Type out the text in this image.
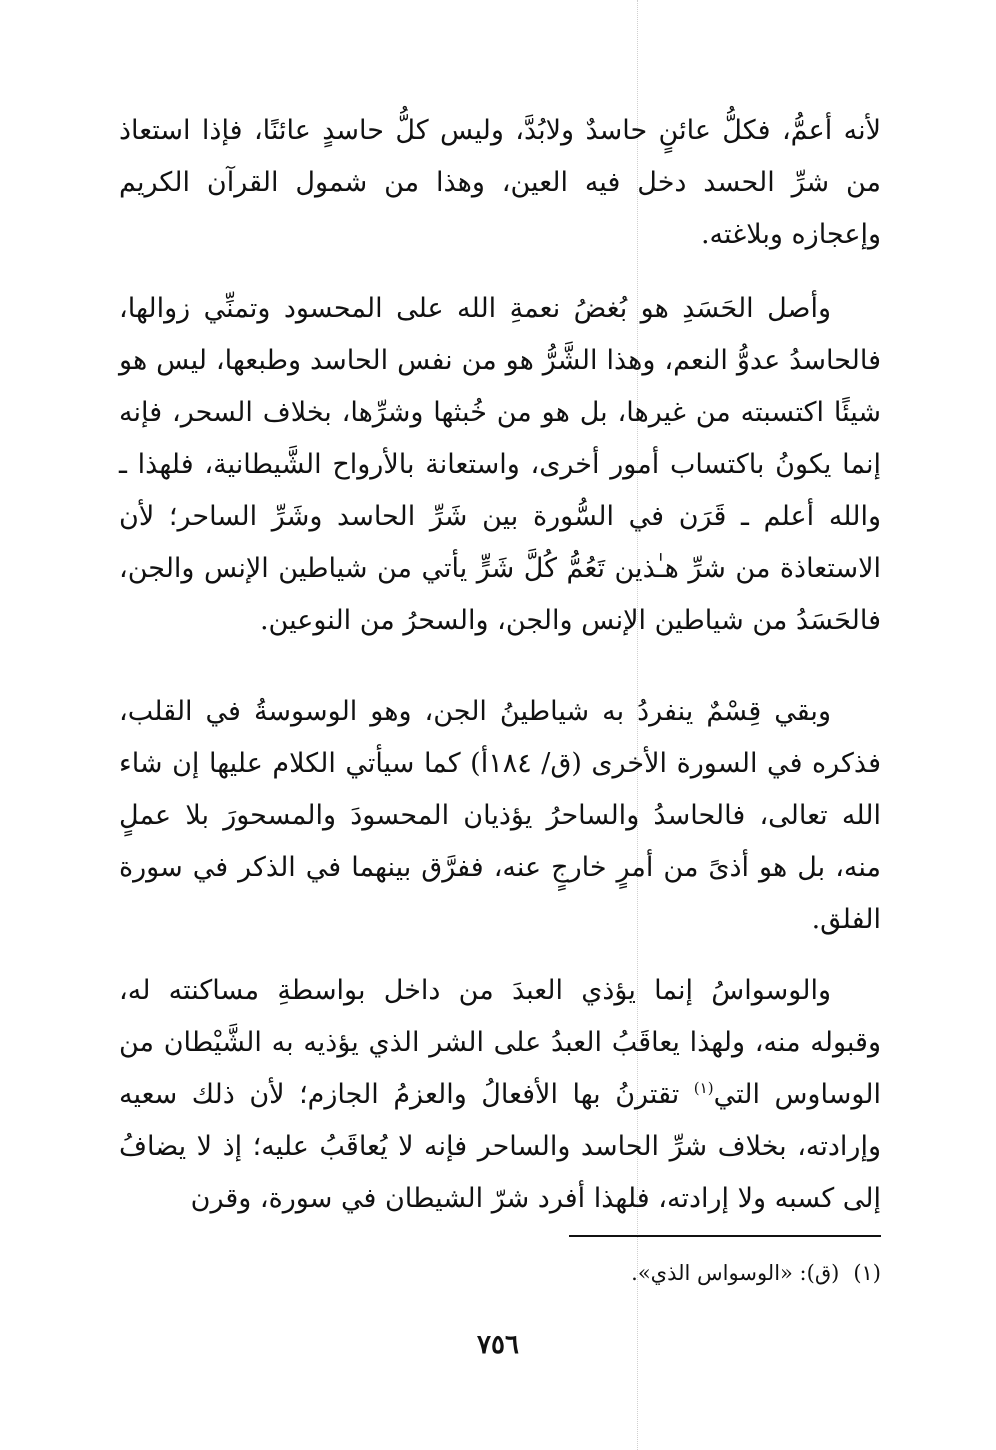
لأنه أعمُّ، فكلُّ عائنٍ حاسدٌ ولابُدَّ، وليس كلُّ حاسدٍ عائنًا، فإذا استعاذ من شرِّ الحسد دخل فيه العين، وهذا من شمول القرآن الكريم وإعجازه وبلاغته.

وأصل الحَسَدِ هو بُغضُ نعمةِ الله على المحسود وتمنِّي زوالها، فالحاسدُ عدوُّ النعم، وهذا الشَّرُّ هو من نفس الحاسد وطبعها، ليس هو شيئًا اكتسبته من غيرها، بل هو من خُبثها وشرِّها، بخلاف السحر، فإنه إنما يكونُ باكتساب أمور أخرى، واستعانة بالأرواح الشَّيطانية، فلهذا ـ والله أعلم ـ قَرَن في السُّورة بين شَرِّ الحاسد وشَرِّ الساحر؛ لأن الاستعاذة من شرِّ هـٰذين تَعُمُّ كُلَّ شَرٍّ يأتي من شياطين الإنس والجن، فالحَسَدُ من شياطين الإنس والجن، والسحرُ من النوعين.

وبقي قِسْمٌ ينفردُ به شياطينُ الجن، وهو الوسوسةُ في القلب، فذكره في السورة الأخرى (ق/ ١٨٤أ) كما سيأتي الكلام عليها إن شاء الله تعالى، فالحاسدُ والساحرُ يؤذيان المحسودَ والمسحورَ بلا عملٍ منه، بل هو أذىً من أمرٍ خارجٍ عنه، ففرَّق بينهما في الذكر في سورة الفلق.

والوسواسُ إنما يؤذي العبدَ من داخل بواسطةِ مساكنته له، وقبوله منه، ولهذا يعاقَبُ العبدُ على الشر الذي يؤذيه به الشَّيْطان من الوساوس التي$^{(١)}$ تقترنُ بها الأفعالُ والعزمُ الجازم؛ لأن ذلك سعيه وإرادته، بخلاف شرِّ الحاسد والساحر فإنه لا يُعاقَبُ عليه؛ إذ لا يضافُ إلى كسبه ولا إرادته، فلهذا أفرد شرّ الشيطان في سورة، وقرن

(١)(ق): «الوسواس الذي».
٧٥٦
